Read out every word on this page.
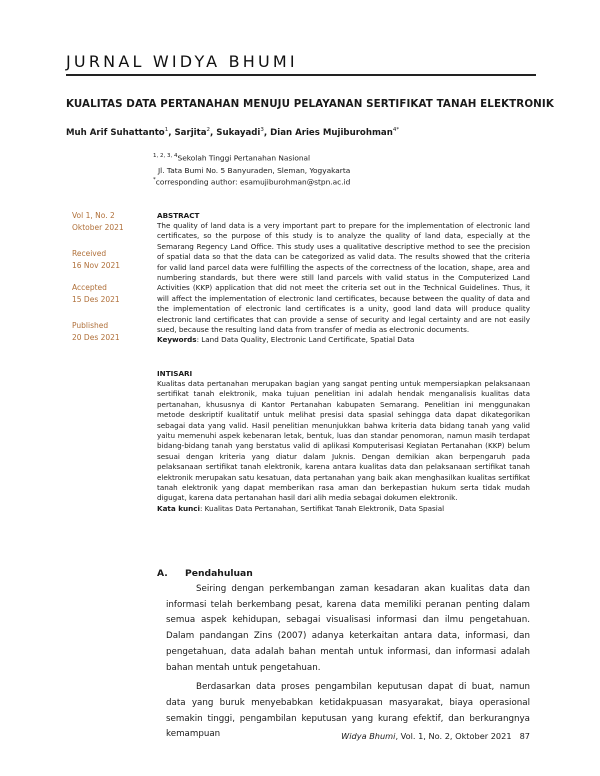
JURNAL WIDYA BHUMI
KUALITAS DATA PERTANAHAN MENUJU PELAYANAN SERTIFIKAT TANAH ELEKTRONIK
Muh Arif Suhattanto$^1$, Sarjita$^2$, Sukayadi$^3$, Dian Aries Mujiburohman$^{4*}$
$^{1, 2, 3, 4}$Sekolah Tinggi Pertanahan Nasional
Jl. Tata Bumi No. 5 Banyuraden, Sleman, Yogyakarta
*corresponding author: esamujiburohman@stpn.ac.id
Vol 1, No. 2
Oktober 2021
Received
16 Nov 2021
Accepted
15 Des 2021
Published
20 Des 2021
ABSTRACT
The quality of land data is a very important part to prepare for the implementation of electronic land certificates, so the purpose of this study is to analyze the quality of land data, especially at the Semarang Regency Land Office. This study uses a qualitative descriptive method to see the precision of spatial data so that the data can be categorized as valid data. The results showed that the criteria for valid land parcel data were fulfilling the aspects of the correctness of the location, shape, area and numbering standards, but there were still land parcels with valid status in the Computerized Land Activities (KKP) application that did not meet the criteria set out in the Technical Guidelines. Thus, it will affect the implementation of electronic land certificates, because between the quality of data and the implementation of electronic land certificates is a unity, good land data will produce quality electronic land certificates that can provide a sense of security and legal certainty and are not easily sued, because the resulting land data from transfer of media as electronic documents.
Keywords: Land Data Quality, Electronic Land Certificate, Spatial Data
INTISARI
Kualitas data pertanahan merupakan bagian yang sangat penting untuk mempersiapkan pelaksanaan sertifikat tanah elektronik, maka tujuan penelitian ini adalah hendak menganalisis kualitas data pertanahan, khususnya di Kantor Pertanahan kabupaten Semarang. Penelitian ini menggunakan metode deskriptif kualitatif untuk melihat presisi data spasial sehingga data dapat dikategorikan sebagai data yang valid. Hasil penelitian menunjukkan bahwa kriteria data bidang tanah yang valid yaitu memenuhi aspek kebenaran letak, bentuk, luas dan standar penomoran, namun masih terdapat bidang-bidang tanah yang berstatus valid di aplikasi Komputerisasi Kegiatan Pertanahan (KKP) belum sesuai dengan kriteria yang diatur dalam Juknis. Dengan demikian akan berpengaruh pada pelaksanaan sertifikat tanah elektronik, karena antara kualitas data dan pelaksanaan sertifikat tanah elektronik merupakan satu kesatuan, data pertanahan yang baik akan menghasilkan kualitas sertifikat tanah elektronik yang dapat memberikan rasa aman dan berkepastian hukum serta tidak mudah digugat, karena data pertanahan hasil dari alih media sebagai dokumen elektronik.
Kata kunci: Kualitas Data Pertanahan, Sertifikat Tanah Elektronik, Data Spasial
A. Pendahuluan

Seiring dengan perkembangan zaman kesadaran akan kualitas data dan informasi telah berkembang pesat, karena data memiliki peranan penting dalam semua aspek kehidupan, sebagai visualisasi informasi dan ilmu pengetahuan. Dalam pandangan Zins (2007) adanya keterkaitan antara data, informasi, dan pengetahuan, data adalah bahan mentah untuk informasi, dan informasi adalah bahan mentah untuk pengetahuan.

Berdasarkan data proses pengambilan keputusan dapat di buat, namun data yang buruk menyebabkan ketidakpuasan masyarakat, biaya operasional semakin tinggi, pengambilan keputusan yang kurang efektif, dan berkurangnya kemampuan	Widya Bhumi, Vol. 1, No. 2, Oktober 2021 87
